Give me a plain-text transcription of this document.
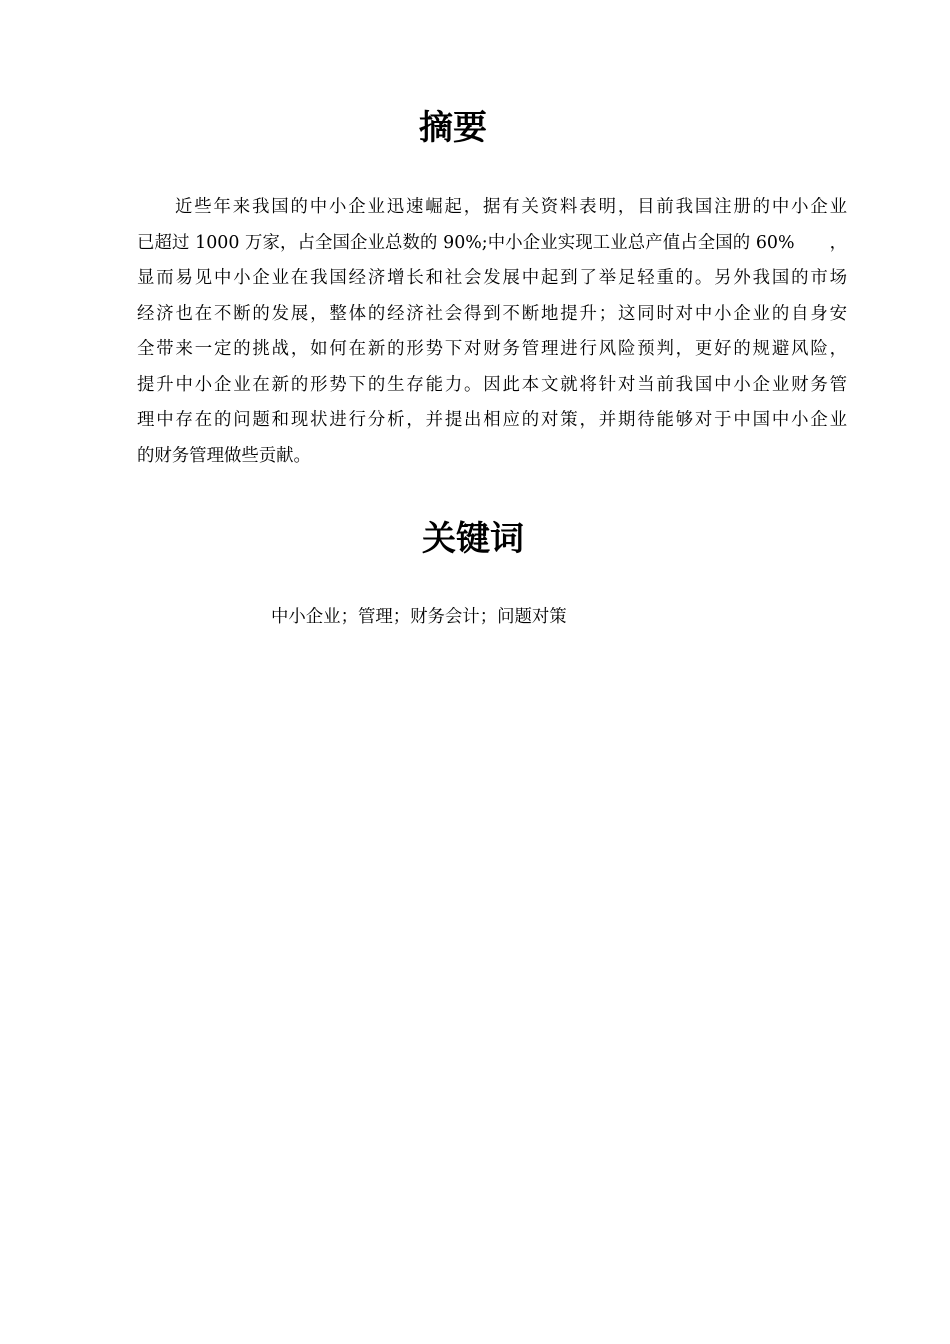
摘要
近些年来我国的中小企业迅速崛起，据有关资料表明，目前我国注册的中小企业
已超过 1000 万家，占全国企业总数的 90%;中小企业实现工业总产值占全国的 60%　　，
显而易见中小企业在我国经济增长和社会发展中起到了举足轻重的。另外我国的市场
经济也在不断的发展，整体的经济社会得到不断地提升；这同时对中小企业的自身安
全带来一定的挑战，如何在新的形势下对财务管理进行风险预判，更好的规避风险，
提升中小企业在新的形势下的生存能力。因此本文就将针对当前我国中小企业财务管
理中存在的问题和现状进行分析，并提出相应的对策，并期待能够对于中国中小企业
的财务管理做些贡献。
关键词

中小企业；管理；财务会计；问题对策
